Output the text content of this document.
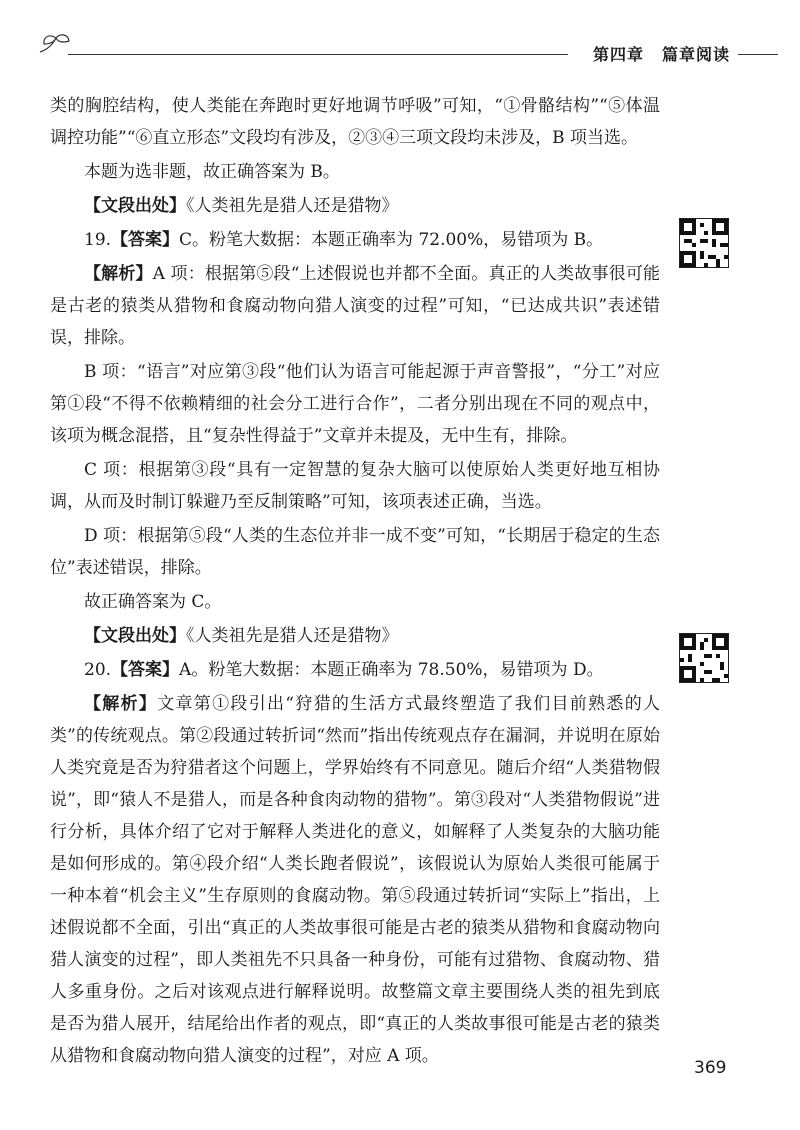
第四章 篇章阅读

类的胸腔结构，使人类能在奔跑时更好地调节呼吸”可知，“①骨骼结构”“⑤体温调控功能”“⑥直立形态”文段均有涉及，②③④三项文段均未涉及，B 项当选。

本题为选非题，故正确答案为 B。

【文段出处】《人类祖先是猎人还是猎物》

19.【答案】C。粉笔大数据：本题正确率为 72.00%，易错项为 B。

【解析】A 项：根据第⑤段“上述假说也并都不全面。真正的人类故事很可能是古老的猿类从猎物和食腐动物向猎人演变的过程”可知，“已达成共识”表述错误，排除。

B 项：“语言”对应第③段“他们认为语言可能起源于声音警报”，“分工”对应第①段“不得不依赖精细的社会分工进行合作”，二者分别出现在不同的观点中，该项为概念混搭，且“复杂性得益于”文章并未提及，无中生有，排除。

C 项：根据第③段“具有一定智慧的复杂大脑可以使原始人类更好地互相协调，从而及时制订躲避乃至反制策略”可知，该项表述正确，当选。

D 项：根据第⑤段“人类的生态位并非一成不变”可知，“长期居于稳定的生态位”表述错误，排除。

故正确答案为 C。

【文段出处】《人类祖先是猎人还是猎物》

20.【答案】A。粉笔大数据：本题正确率为 78.50%，易错项为 D。

【解析】文章第①段引出“狩猎的生活方式最终塑造了我们目前熟悉的人类”的传统观点。第②段通过转折词“然而”指出传统观点存在漏洞，并说明在原始人类究竟是否为狩猎者这个问题上，学界始终有不同意见。随后介绍“人类猎物假说”，即“猿人不是猎人，而是各种食肉动物的猎物”。第③段对“人类猎物假说”进行分析，具体介绍了它对于解释人类进化的意义，如解释了人类复杂的大脑功能是如何形成的。第④段介绍“人类长跑者假说”，该假说认为原始人类很可能属于一种本着“机会主义”生存原则的食腐动物。第⑤段通过转折词“实际上”指出，上述假说都不全面，引出“真正的人类故事很可能是古老的猿类从猎物和食腐动物向猎人演变的过程”，即人类祖先不只具备一种身份，可能有过猎物、食腐动物、猎人多重身份。之后对该观点进行解释说明。故整篇文章主要围绕人类的祖先到底是否为猎人展开，结尾给出作者的观点，即“真正的人类故事很可能是古老的猿类从猎物和食腐动物向猎人演变的过程”，对应 A 项。

369
